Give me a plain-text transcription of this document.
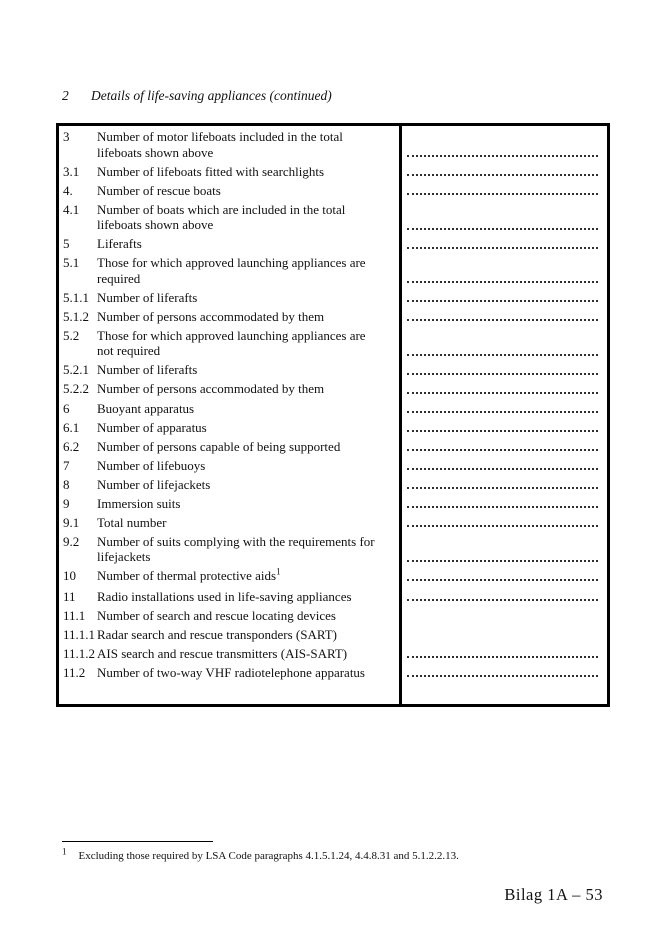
2 Details of life-saving appliances (continued)
3	Number of motor lifeboats included in the total
lifeboats shown above
3.1	Number of lifeboats fitted with searchlights
4.	Number of rescue boats
4.1	Number of boats which are included in the total
lifeboats shown above
5	Liferafts
5.1	Those for which approved launching appliances are
required
5.1.1 Number of liferafts
5.1.2 Number of persons accommodated by them
5.2	Those for which approved launching appliances are
not required
5.2.1 Number of liferafts
5.2.2 Number of persons accommodated by them
6	Buoyant apparatus
6.1	Number of apparatus
6.2	Number of persons capable of being supported
7	Number of lifebuoys
8	Number of lifejackets
9	Immersion suits
9.1	Total number
9.2	Number of suits complying with the requirements for
lifejackets
10	Number of thermal protective aids$^1$
11	Radio installations used in life-saving appliances
11.1 Number of search and rescue locating devices
11.1.1 Radar search and rescue transponders (SART)
11.1.2 AIS search and rescue transmitters (AIS-SART)
11.2 Number of two-way VHF radiotelephone apparatus
$^1$ Excluding those required by LSA Code paragraphs 4.1.5.1.24, 4.4.8.31 and 5.1.2.2.13.
Bilag 1A – 53
